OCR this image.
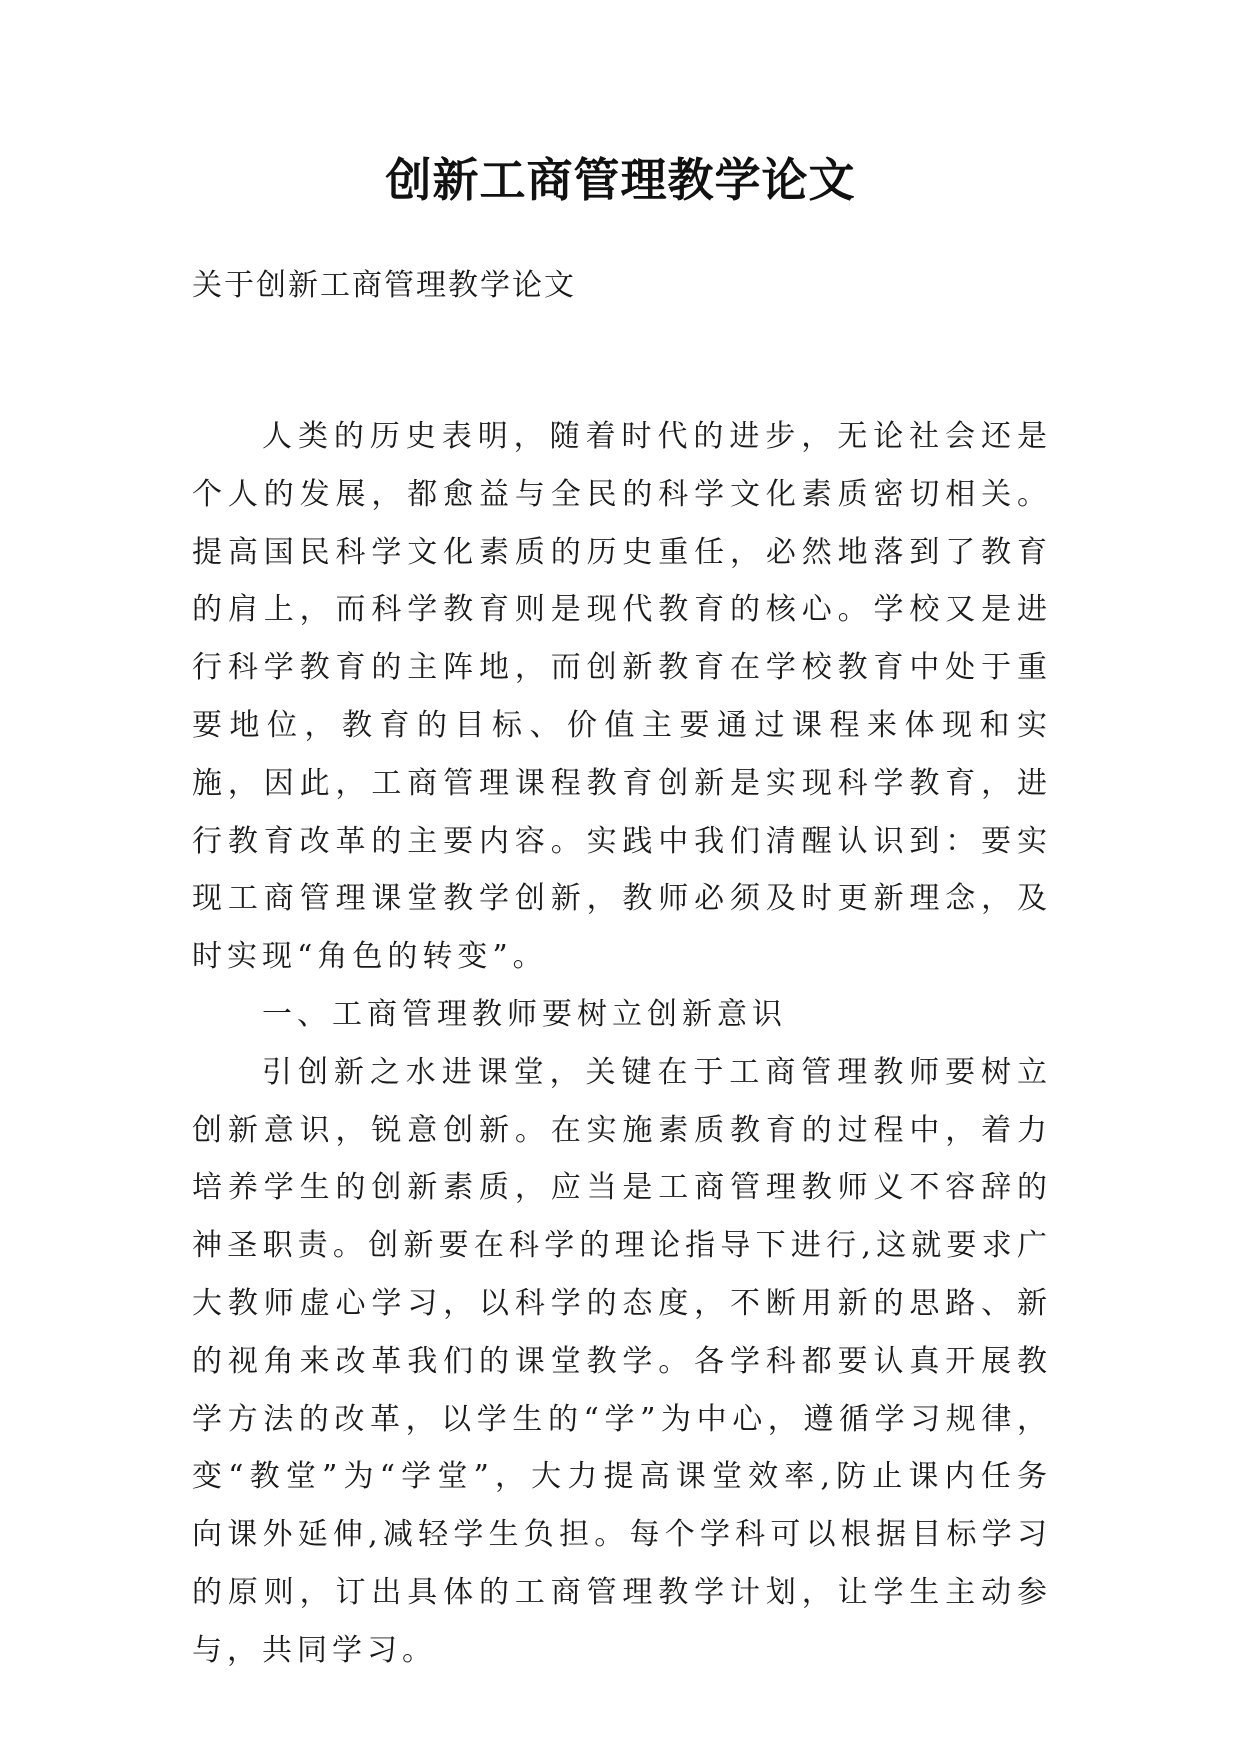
创新工商管理教学论文
关于创新工商管理教学论文

人类的历史表明，随着时代的进步，无论社会还是个人的发展，都愈益与全民的科学文化素质密切相关。提高国民科学文化素质的历史重任，必然地落到了教育的肩上，而科学教育则是现代教育的核心。学校又是进行科学教育的主阵地，而创新教育在学校教育中处于重要地位，教育的目标、价值主要通过课程来体现和实施，因此，工商管理课程教育创新是实现科学教育，进行教育改革的主要内容。实践中我们清醒认识到：要实现工商管理课堂教学创新，教师必须及时更新理念，及时实现“角色的转变”。

一、工商管理教师要树立创新意识

引创新之水进课堂，关键在于工商管理教师要树立创新意识，锐意创新。在实施素质教育的过程中，着力培养学生的创新素质，应当是工商管理教师义不容辞的神圣职责。创新要在科学的理论指导下进行,这就要求广大教师虚心学习，以科学的态度，不断用新的思路、新的视角来改革我们的课堂教学。各学科都要认真开展教学方法的改革，以学生的“学”为中心，遵循学习规律，变“教堂”为“学堂”，大力提高课堂效率,防止课内任务向课外延伸,减轻学生负担。每个学科可以根据目标学习的原则，订出具体的工商管理教学计划，让学生主动参与，共同学习。
